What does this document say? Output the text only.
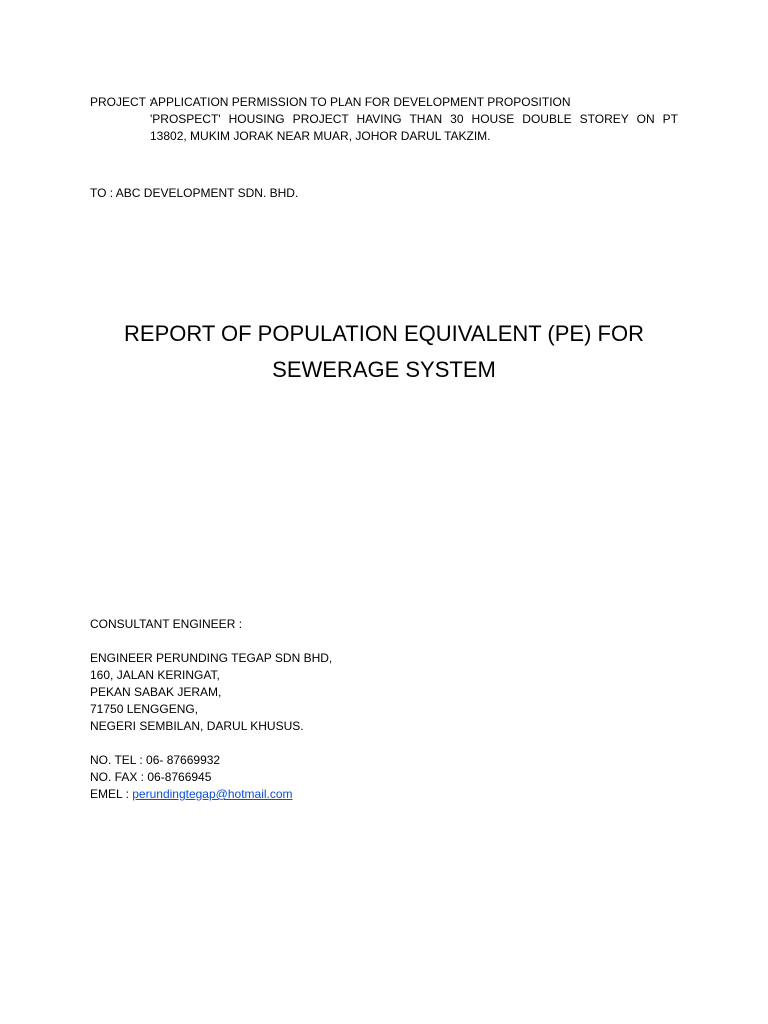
PROJECT :
APPLICATION PERMISSION TO PLAN FOR DEVELOPMENT PROPOSITION
'PROSPECT' HOUSING PROJECT HAVING THAN 30 HOUSE DOUBLE STOREY ON PT
13802, MUKIM JORAK NEAR MUAR, JOHOR DARUL TAKZIM.
TO : ABC DEVELOPMENT SDN. BHD.
REPORT OF POPULATION EQUIVALENT (PE) FOR
SEWERAGE SYSTEM
CONSULTANT ENGINEER :
ENGINEER PERUNDING TEGAP SDN BHD,
160, JALAN KERINGAT,
PEKAN SABAK JERAM,
71750 LENGGENG,
NEGERI SEMBILAN, DARUL KHUSUS.
NO. TEL : 06- 87669932
NO. FAX : 06-8766945
EMEL : perundingtegap@hotmail.com
